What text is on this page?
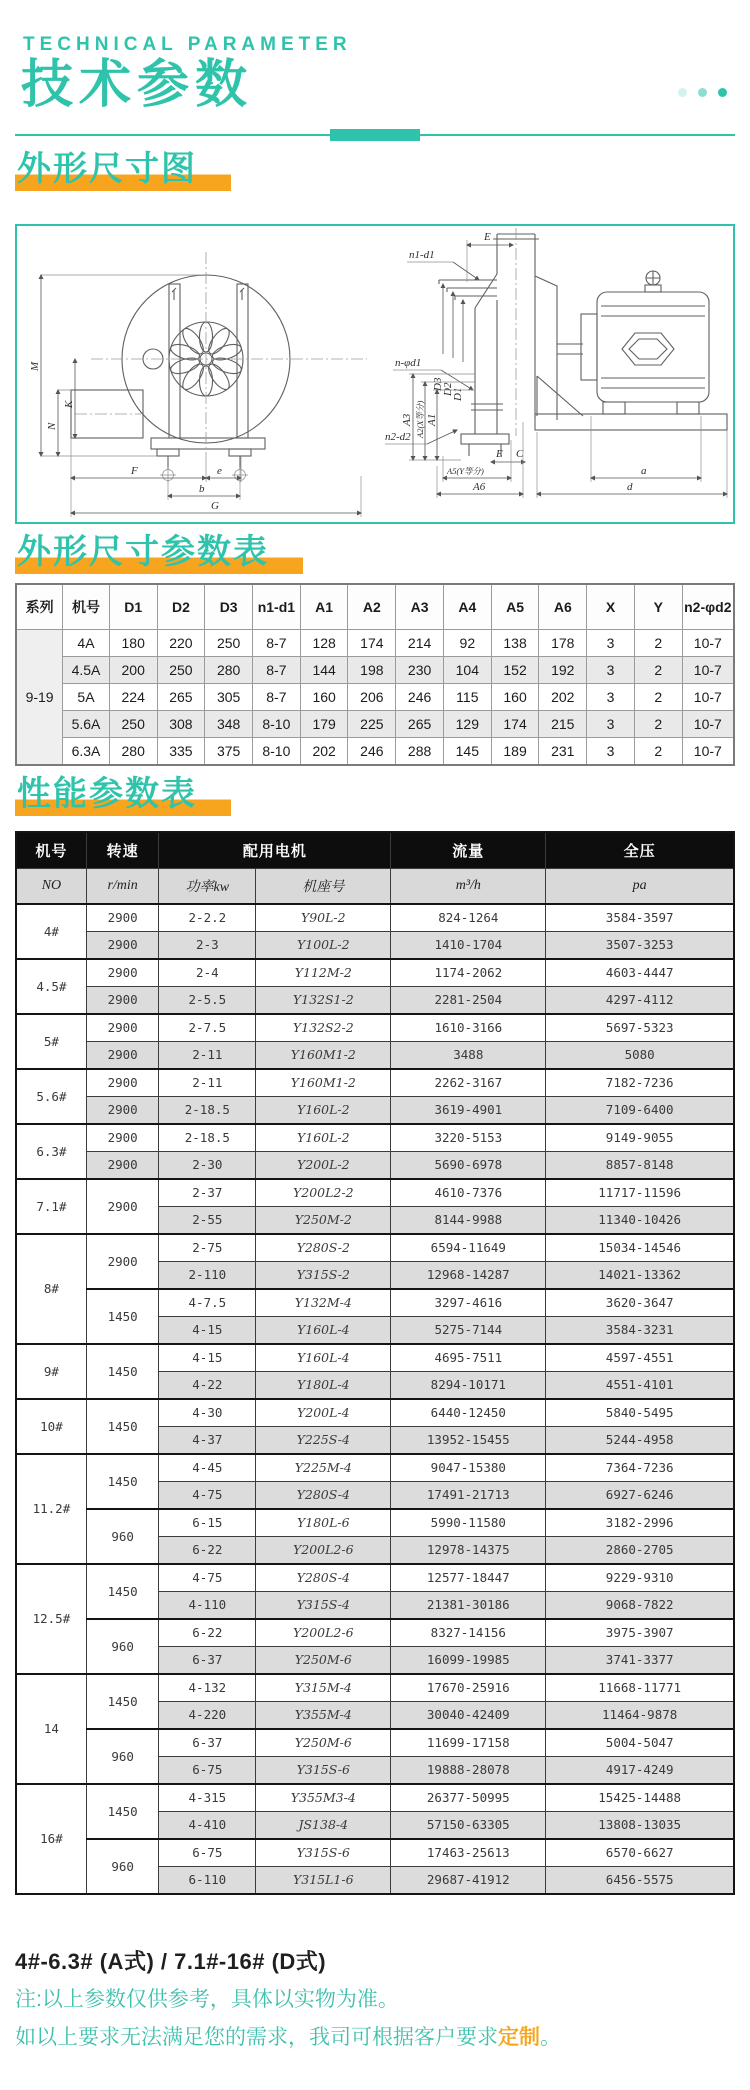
TECHNICAL PARAMETER
技术参数
外形尺寸图
M
N
K
F	e
b
G
E
n1-d1
D3
D2
D1
n-φd1
n2-d2
A3 A2(X等分) A1
E C
A5(Y等分)
A6
a
d
外形尺寸参数表
系列	机号	D1	D2	D3	n1-d1	A1	A2	A3	A4	A5	A6	X	Y	n2-φd2
9-19	4A	180	220	250	8-7	128	174	214	92	138	178	3	2	10-7
	4.5A	200	250	280	8-7	144	198	230	104	152	192	3	2	10-7
	5A	224	265	305	8-7	160	206	246	115	160	202	3	2	10-7
	5.6A	250	308	348	8-10	179	225	265	129	174	215	3	2	10-7
	6.3A	280	335	375	8-10	202	246	288	145	189	231	3	2	10-7
性能参数表
机号	转速	配用电机		流量	全压
NO	r/min	功率kw	机座号	m³/h	pa
4#	2900	2-2.2	Y90L-2	824-1264	3584-3597
	2900	2-3	Y100L-2	1410-1704	3507-3253
4.5#	2900	2-4	Y112M-2	1174-2062	4603-4447
	2900	2-5.5	Y132S1-2	2281-2504	4297-4112
5#	2900	2-7.5	Y132S2-2	1610-3166	5697-5323
	2900	2-11	Y160M1-2	3488	5080
5.6#	2900	2-11	Y160M1-2	2262-3167	7182-7236
	2900	2-18.5	Y160L-2	3619-4901	7109-6400
6.3#	2900	2-18.5	Y160L-2	3220-5153	9149-9055
	2900	2-30	Y200L-2	5690-6978	8857-8148
7.1#	2900	2-37	Y200L2-2	4610-7376	11717-11596
		2-55	Y250M-2	8144-9988	11340-10426
8#	2900	2-75	Y280S-2	6594-11649	15034-14546
		2-110	Y315S-2	12968-14287	14021-13362
	1450	4-7.5	Y132M-4	3297-4616	3620-3647
		4-15	Y160L-4	5275-7144	3584-3231
9#	1450	4-15	Y160L-4	4695-7511	4597-4551
		4-22	Y180L-4	8294-10171	4551-4101
10#	1450	4-30	Y200L-4	6440-12450	5840-5495
		4-37	Y225S-4	13952-15455	5244-4958
11.2#	1450	4-45	Y225M-4	9047-15380	7364-7236
		4-75	Y280S-4	17491-21713	6927-6246
	960	6-15	Y180L-6	5990-11580	3182-2996
		6-22	Y200L2-6	12978-14375	2860-2705
12.5#	1450	4-75	Y280S-4	12577-18447	9229-9310
		4-110	Y315S-4	21381-30186	9068-7822
	960	6-22	Y200L2-6	8327-14156	3975-3907
		6-37	Y250M-6	16099-19985	3741-3377
14	1450	4-132	Y315M-4	17670-25916	11668-11771
		4-220	Y355M-4	30040-42409	11464-9878
	960	6-37	Y250M-6	11699-17158	5004-5047
		6-75	Y315S-6	19888-28078	4917-4249
16#	1450	4-315	Y355M3-4	26377-50995	15425-14488
		4-410	JS138-4	57150-63305	13808-13035
	960	6-75	Y315S-6	17463-25613	6570-6627
		6-110	Y315L1-6	29687-41912	6456-5575
4#-6.3# (A式) / 7.1#-16# (D式)
注:以上参数仅供参考，具体以实物为准。
如以上要求无法满足您的需求，我司可根据客户要求定制。
